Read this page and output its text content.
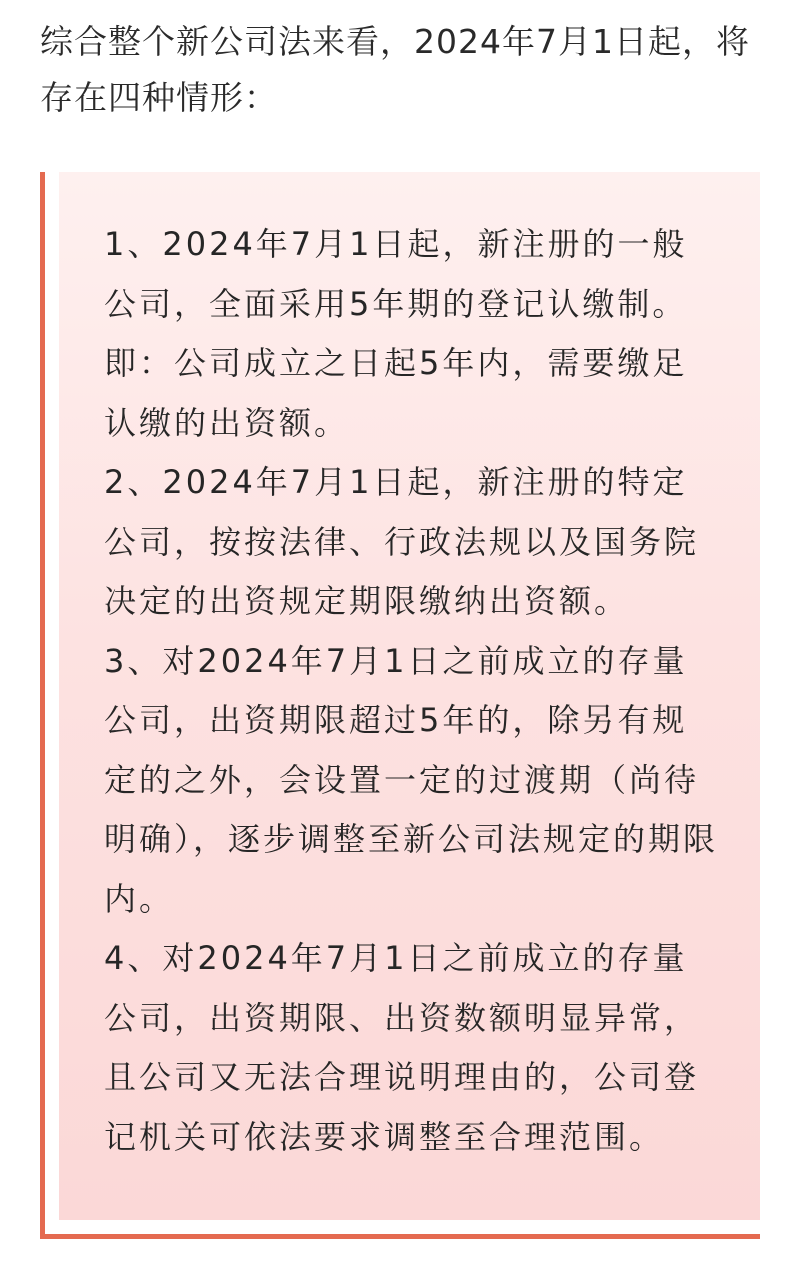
综合整个新公司法来看，2024年7月1日起，将存在四种情形：
1、2024年7月1日起，新注册的一般公司，全面采用5年期的登记认缴制。即：公司成立之日起5年内，需要缴足认缴的出资额。
2、2024年7月1日起，新注册的特定公司，按按法律、行政法规以及国务院决定的出资规定期限缴纳出资额。
3、对2024年7月1日之前成立的存量公司，出资期限超过5年的，除另有规定的之外，会设置一定的过渡期（尚待明确），逐步调整至新公司法规定的期限内。
4、对2024年7月1日之前成立的存量公司，出资期限、出资数额明显异常，且公司又无法合理说明理由的，公司登记机关可依法要求调整至合理范围。
